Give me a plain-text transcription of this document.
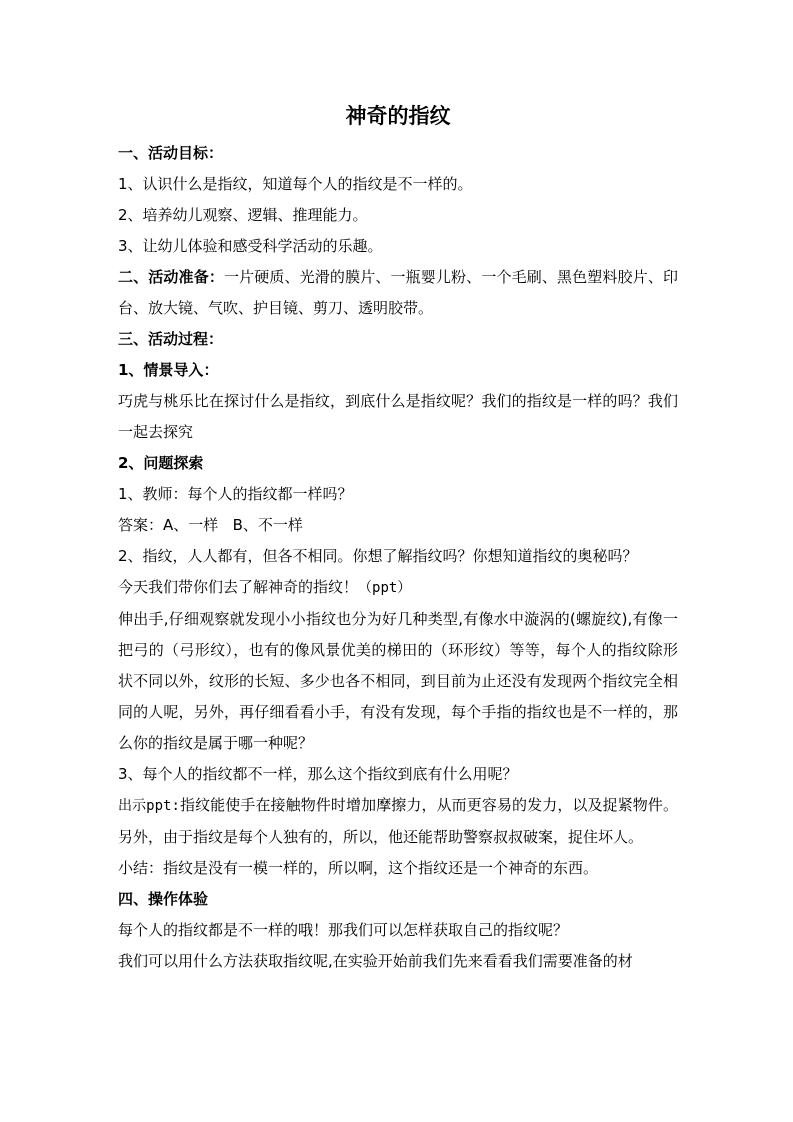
神奇的指纹

一、活动目标：

1、认识什么是指纹，知道每个人的指纹是不一样的。

2、培养幼儿观察、逻辑、推理能力。

3、让幼儿体验和感受科学活动的乐趣。

二、活动准备：一片硬质、光滑的膜片、一瓶婴儿粉、一个毛刷、黑色塑料胶片、印台、放大镜、气吹、护目镜、剪刀、透明胶带。

三、活动过程：

1、情景导入：

巧虎与桃乐比在探讨什么是指纹，到底什么是指纹呢？我们的指纹是一样的吗？我们一起去探究

2、问题探索

1、教师：每个人的指纹都一样吗？

答案：A、一样   B、不一样

2、指纹，人人都有，但各不相同。你想了解指纹吗？你想知道指纹的奥秘吗？

今天我们带你们去了解神奇的指纹！（ppt）

伸出手,仔细观察就发现小小指纹也分为好几种类型,有像水中漩涡的(螺旋纹),有像一把弓的（弓形纹），也有的像风景优美的梯田的（环形纹）等等，每个人的指纹除形状不同以外，纹形的长短、多少也各不相同，到目前为止还没有发现两个指纹完全相同的人呢，另外，再仔细看看小手，有没有发现，每个手指的指纹也是不一样的，那么你的指纹是属于哪一种呢？

3、每个人的指纹都不一样，那么这个指纹到底有什么用呢？

出示ppt:指纹能使手在接触物件时增加摩擦力，从而更容易的发力，以及捉紧物件。另外，由于指纹是每个人独有的，所以，他还能帮助警察叔叔破案，捉住坏人。

小结：指纹是没有一模一样的，所以啊，这个指纹还是一个神奇的东西。

四、操作体验

每个人的指纹都是不一样的哦！那我们可以怎样获取自己的指纹呢？

我们可以用什么方法获取指纹呢,在实验开始前我们先来看看我们需要准备的材
